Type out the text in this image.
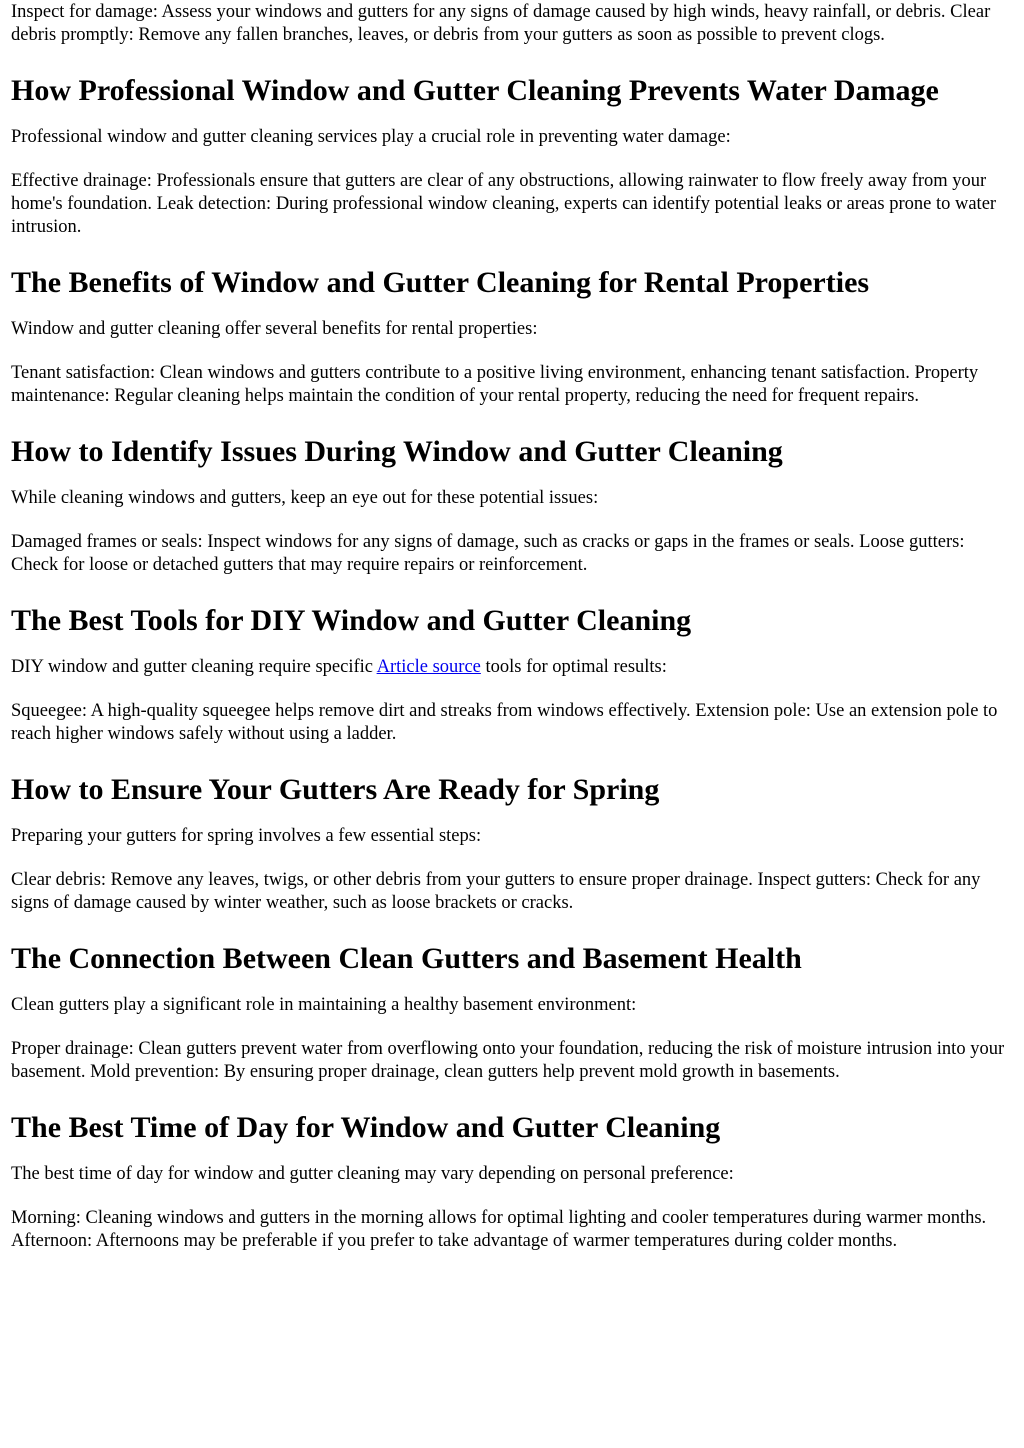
Inspect for damage: Assess your windows and gutters for any signs of damage caused by high winds, heavy rainfall, or debris. Clear debris promptly: Remove any fallen branches, leaves, or debris from your gutters as soon as possible to prevent clogs.

How Professional Window and Gutter Cleaning Prevents Water Damage

Professional window and gutter cleaning services play a crucial role in preventing water damage:

Effective drainage: Professionals ensure that gutters are clear of any obstructions, allowing rainwater to flow freely away from your home's foundation. Leak detection: During professional window cleaning, experts can identify potential leaks or areas prone to water intrusion.

The Benefits of Window and Gutter Cleaning for Rental Properties

Window and gutter cleaning offer several benefits for rental properties:

Tenant satisfaction: Clean windows and gutters contribute to a positive living environment, enhancing tenant satisfaction. Property maintenance: Regular cleaning helps maintain the condition of your rental property, reducing the need for frequent repairs.

How to Identify Issues During Window and Gutter Cleaning

While cleaning windows and gutters, keep an eye out for these potential issues:

Damaged frames or seals: Inspect windows for any signs of damage, such as cracks or gaps in the frames or seals. Loose gutters: Check for loose or detached gutters that may require repairs or reinforcement.

The Best Tools for DIY Window and Gutter Cleaning

DIY window and gutter cleaning require specific Article source tools for optimal results:

Squeegee: A high-quality squeegee helps remove dirt and streaks from windows effectively. Extension pole: Use an extension pole to reach higher windows safely without using a ladder.

How to Ensure Your Gutters Are Ready for Spring

Preparing your gutters for spring involves a few essential steps:

Clear debris: Remove any leaves, twigs, or other debris from your gutters to ensure proper drainage. Inspect gutters: Check for any signs of damage caused by winter weather, such as loose brackets or cracks.

The Connection Between Clean Gutters and Basement Health

Clean gutters play a significant role in maintaining a healthy basement environment:

Proper drainage: Clean gutters prevent water from overflowing onto your foundation, reducing the risk of moisture intrusion into your basement. Mold prevention: By ensuring proper drainage, clean gutters help prevent mold growth in basements.

The Best Time of Day for Window and Gutter Cleaning

The best time of day for window and gutter cleaning may vary depending on personal preference:

Morning: Cleaning windows and gutters in the morning allows for optimal lighting and cooler temperatures during warmer months. Afternoon: Afternoons may be preferable if you prefer to take advantage of warmer temperatures during colder months.
